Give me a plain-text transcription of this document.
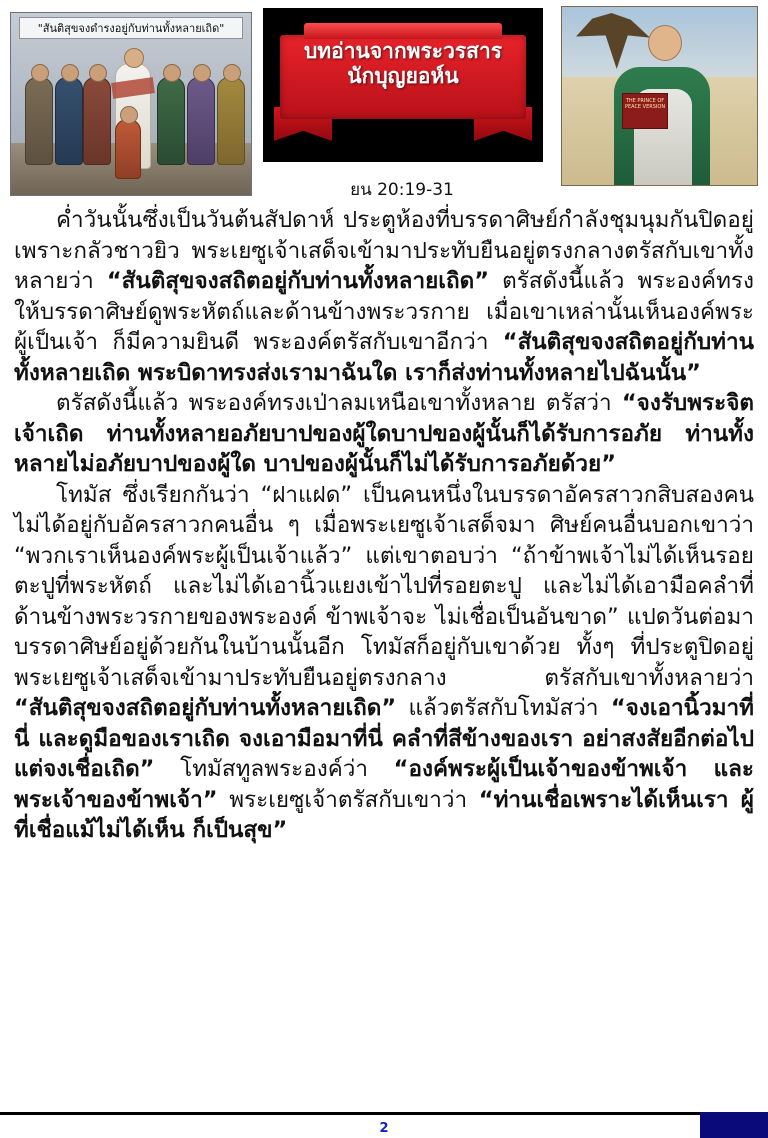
"สันติสุขจงดำรงอยู่กับท่านทั้งหลายเถิด"
บทอ่านจากพระวรสาร
นักบุญยอห์น
THE PRINCE OF PEACE VERSION
ยน 20:19-31

ค่ำวันนั้นซึ่งเป็นวันต้นสัปดาห์ ประตูห้องที่บรรดาศิษย์กำลังชุมนุมกันปิดอยู่เพราะกลัวชาวยิว พระเยซูเจ้าเสด็จเข้ามาประทับยืนอยู่ตรงกลางตรัสกับเขาทั้งหลายว่า “สันติสุขจงสถิตอยู่กับท่านทั้งหลายเถิด” ตรัสดังนี้แล้ว พระองค์ทรงให้บรรดาศิษย์ดูพระหัตถ์และด้านข้างพระวรกาย เมื่อเขาเหล่านั้นเห็นองค์พระผู้เป็นเจ้า ก็มีความยินดี พระองค์ตรัสกับเขาอีกว่า “สันติสุขจงสถิตอยู่กับท่านทั้งหลายเถิด พระบิดาทรงส่งเรามาฉันใด เราก็ส่งท่านทั้งหลายไปฉันนั้น”

ตรัสดังนี้แล้ว พระองค์ทรงเป่าลมเหนือเขาทั้งหลาย ตรัสว่า “จงรับพระจิตเจ้าเถิด ท่านทั้งหลายอภัยบาปของผู้ใดบาปของผู้นั้นก็ได้รับการอภัย ท่านทั้งหลายไม่อภัยบาปของผู้ใด บาปของผู้นั้นก็ไม่ได้รับการอภัยด้วย”

โทมัส ซึ่งเรียกกันว่า “ฝาแฝด” เป็นคนหนึ่งในบรรดาอัครสาวกสิบสองคน ไม่ได้อยู่กับอัครสาวกคนอื่น ๆ เมื่อพระเยซูเจ้าเสด็จมา ศิษย์คนอื่นบอกเขาว่า “พวกเราเห็นองค์พระผู้เป็นเจ้าแล้ว” แต่เขาตอบว่า “ถ้าข้าพเจ้าไม่ได้เห็นรอยตะปูที่พระหัตถ์ และไม่ได้เอานิ้วแยงเข้าไปที่รอยตะปู และไม่ได้เอามือคลำที่ด้านข้างพระวรกายของพระองค์ ข้าพเจ้าจะ ไม่เชื่อเป็นอันขาด” แปดวันต่อมา บรรดาศิษย์อยู่ด้วยกันในบ้านนั้นอีก โทมัสก็อยู่กับเขาด้วย ทั้งๆ ที่ประตูปิดอยู่ พระเยซูเจ้าเสด็จเข้ามาประทับยืนอยู่ตรงกลาง ตรัสกับเขาทั้งหลายว่า “สันติสุขจงสถิตอยู่กับท่านทั้งหลายเถิด” แล้วตรัสกับโทมัสว่า “จงเอานิ้วมาที่นี่ และดูมือของเราเถิด จงเอามือมาที่นี่ คลำที่สีข้างของเรา อย่าสงสัยอีกต่อไป แต่จงเชื่อเถิด” โทมัสทูลพระองค์ว่า “องค์พระผู้เป็นเจ้าของข้าพเจ้า และพระเจ้าของข้าพเจ้า” พระเยซูเจ้าตรัสกับเขาว่า “ท่านเชื่อเพราะได้เห็นเรา ผู้ที่เชื่อแม้ไม่ได้เห็น ก็เป็นสุข”

2
